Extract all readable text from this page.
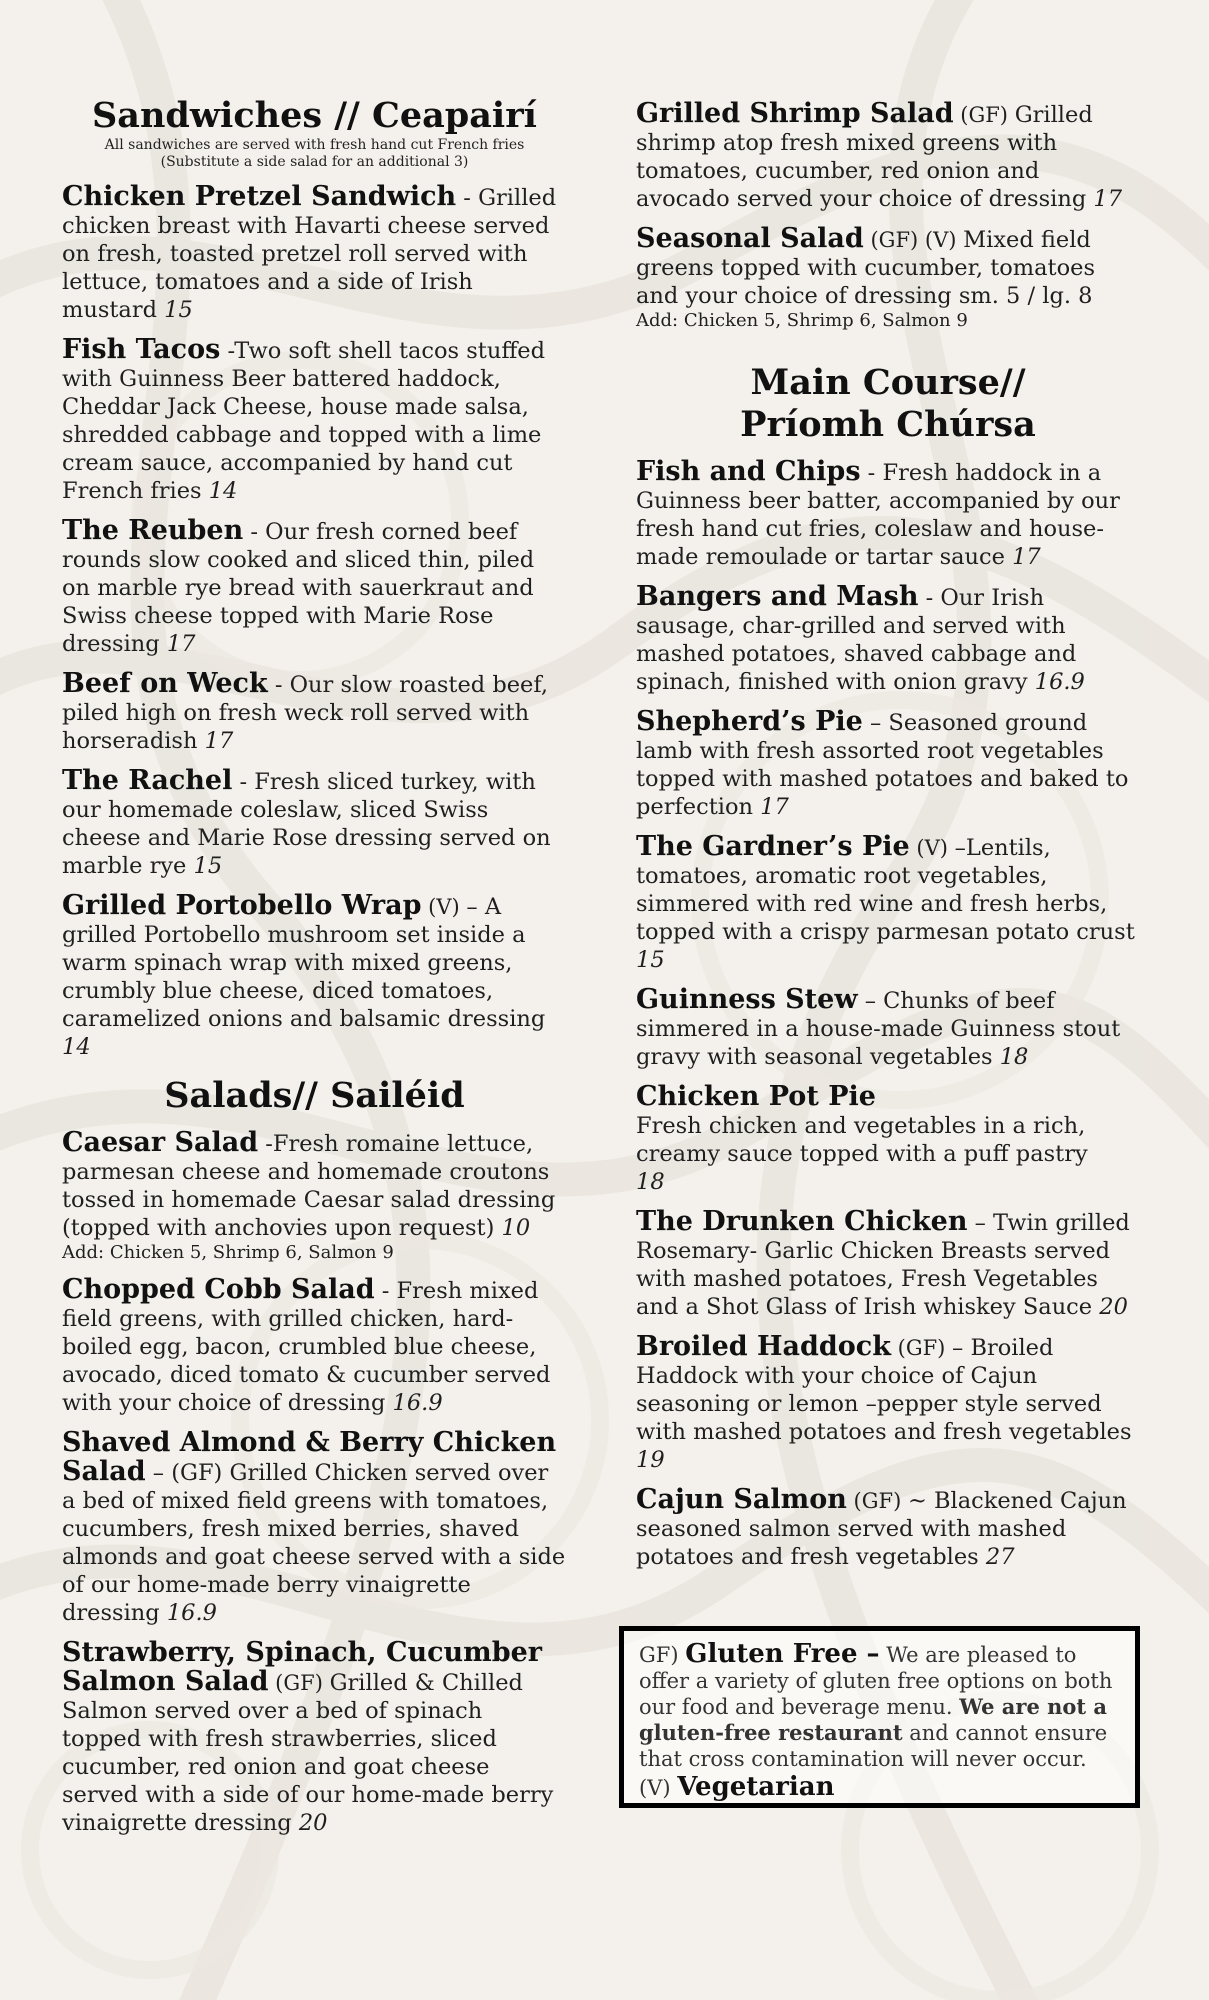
Sandwiches // Ceapairí

All sandwiches are served with fresh hand cut French fries

(Substitute a side salad for an additional 3)

Chicken Pretzel Sandwich - Grilled chicken breast with Havarti cheese served on fresh, toasted pretzel roll served with lettuce, tomatoes and a side of Irish mustard 15
Fish Tacos -Two soft shell tacos stuffed with Guinness Beer battered haddock, Cheddar Jack Cheese, house made salsa, shredded cabbage and topped with a lime cream sauce, accompanied by hand cut French fries 14
The Reuben - Our fresh corned beef rounds slow cooked and sliced thin, piled on marble rye bread with sauerkraut and Swiss cheese topped with Marie Rose dressing 17
Beef on Weck - Our slow roasted beef, piled high on fresh weck roll served with horseradish 17
The Rachel - Fresh sliced turkey, with our homemade coleslaw, sliced Swiss cheese and Marie Rose dressing served on marble rye 15
Grilled Portobello Wrap (V) – A grilled Portobello mushroom set inside a warm spinach wrap with mixed greens, crumbly blue cheese, diced tomatoes, caramelized onions and balsamic dressing 14
Salads// Sailéid
Caesar Salad -Fresh romaine lettuce, parmesan cheese and homemade croutons tossed in homemade Caesar salad dressing (topped with anchovies upon request) 10
Add: Chicken 5, Shrimp 6, Salmon 9
Chopped Cobb Salad - Fresh mixed field greens, with grilled chicken, hard-boiled egg, bacon, crumbled blue cheese, avocado, diced tomato & cucumber served with your choice of dressing 16.9
Shaved Almond & Berry Chicken Salad – (GF) Grilled Chicken served over a bed of mixed field greens with tomatoes, cucumbers, fresh mixed berries, shaved almonds and goat cheese served with a side of our home-made berry vinaigrette dressing 16.9
Strawberry, Spinach, Cucumber Salmon Salad (GF) Grilled & Chilled Salmon served over a bed of spinach topped with fresh strawberries, sliced cucumber, red onion and goat cheese served with a side of our home-made berry vinaigrette dressing 20
Grilled Shrimp Salad (GF) Grilled shrimp atop fresh mixed greens with tomatoes, cucumber, red onion and avocado served your choice of dressing 17
Seasonal Salad (GF) (V) Mixed field greens topped with cucumber, tomatoes and your choice of dressing sm. 5 / lg. 8
Add: Chicken 5, Shrimp 6, Salmon 9
Main Course//
Príomh Chúrsa
Fish and Chips - Fresh haddock in a Guinness beer batter, accompanied by our fresh hand cut fries, coleslaw and house-made remoulade or tartar sauce 17
Bangers and Mash - Our Irish sausage, char-grilled and served with mashed potatoes, shaved cabbage and spinach, finished with onion gravy 16.9
Shepherd’s Pie – Seasoned ground lamb with fresh assorted root vegetables topped with mashed potatoes and baked to perfection 17
The Gardner’s Pie (V) –Lentils, tomatoes, aromatic root vegetables, simmered with red wine and fresh herbs, topped with a crispy parmesan potato crust 15
Guinness Stew – Chunks of beef simmered in a house-made Guinness stout gravy with seasonal vegetables 18
Chicken Pot Pie
Fresh chicken and vegetables in a rich, creamy sauce topped with a puff pastry
18
The Drunken Chicken – Twin grilled Rosemary- Garlic Chicken Breasts served with mashed potatoes, Fresh Vegetables and a Shot Glass of Irish whiskey Sauce 20
Broiled Haddock (GF) – Broiled Haddock with your choice of Cajun seasoning or lemon –pepper style served with mashed potatoes and fresh vegetables 19
Cajun Salmon (GF) ~ Blackened Cajun seasoned salmon served with mashed potatoes and fresh vegetables 27
GF) Gluten Free – We are pleased to offer a variety of gluten free options on both our food and beverage menu. We are not a gluten-free restaurant and cannot ensure that cross contamination will never occur.
(V) Vegetarian
